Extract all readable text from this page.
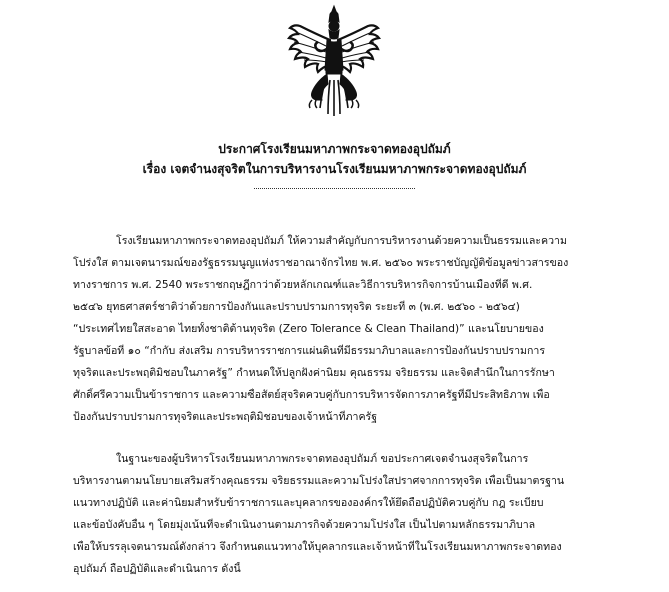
ประกาศโรงเรียนมหาภาพกระจาดทองอุปถัมภ์
เรื่อง เจตจำนงสุจริตในการบริหารงานโรงเรียนมหาภาพกระจาดทองอุปถัมภ์
โรงเรียนมหาภาพกระจาดทองอุปถัมภ์ ให้ความสำคัญกับการบริหารงานด้วยความเป็นธรรมและความ
โปร่งใส ตามเจตนารมณ์ของรัฐธรรมนูญแห่งราชอาณาจักรไทย พ.ศ. ๒๕๖๐ พระราชบัญญัติข้อมูลข่าวสารของ
ทางราชการ พ.ศ. 2540 พระราชกฤษฎีกาว่าด้วยหลักเกณฑ์และวิธีการบริหารกิจการบ้านเมืองที่ดี พ.ศ.
๒๕๔๖ ยุทธศาสตร์ชาติว่าด้วยการป้องกันและปราบปรามการทุจริต ระยะที่ ๓ (พ.ศ. ๒๕๖๐ - ๒๕๖๔)
“ประเทศไทยใสสะอาด ไทยทั้งชาติต้านทุจริต (Zero Tolerance & Clean Thailand)” และนโยบายของ
รัฐบาลข้อที่ ๑๐ “กำกับ ส่งเสริม การบริหารราชการแผ่นดินที่มีธรรมาภิบาลและการป้องกันปราบปรามการ
ทุจริตและประพฤติมิชอบในภาครัฐ” กำหนดให้ปลูกฝังค่านิยม คุณธรรม จริยธรรม และจิตสำนึกในการรักษา
ศักดิ์ศรีความเป็นข้าราชการ และความซื่อสัตย์สุจริตควบคู่กับการบริหารจัดการภาครัฐที่มีประสิทธิภาพ เพื่อ
ป้องกันปราบปรามการทุจริตและประพฤติมิชอบของเจ้าหน้าที่ภาครัฐ
ในฐานะของผู้บริหารโรงเรียนมหาภาพกระจาดทองอุปถัมภ์ ขอประกาศเจตจำนงสุจริตในการ
บริหารงานตามนโยบายเสริมสร้างคุณธรรม จริยธรรมและความโปร่งใสปราศจากการทุจริต เพื่อเป็นมาตรฐาน
แนวทางปฏิบัติ และค่านิยมสำหรับข้าราชการและบุคลากรขององค์กรให้ยึดถือปฏิบัติควบคู่กับ กฎ ระเบียบ
และข้อบังคับอื่น ๆ โดยมุ่งเน้นที่จะดำเนินงานตามภารกิจด้วยความโปร่งใส เป็นไปตามหลักธรรมาภิบาล
เพื่อให้บรรลุเจตนารมณ์ดังกล่าว จึงกำหนดแนวทางให้บุคลากรและเจ้าหน้าที่ในโรงเรียนมหาภาพกระจาดทอง
อุปถัมภ์ ถือปฏิบัติและดำเนินการ ดังนี้
